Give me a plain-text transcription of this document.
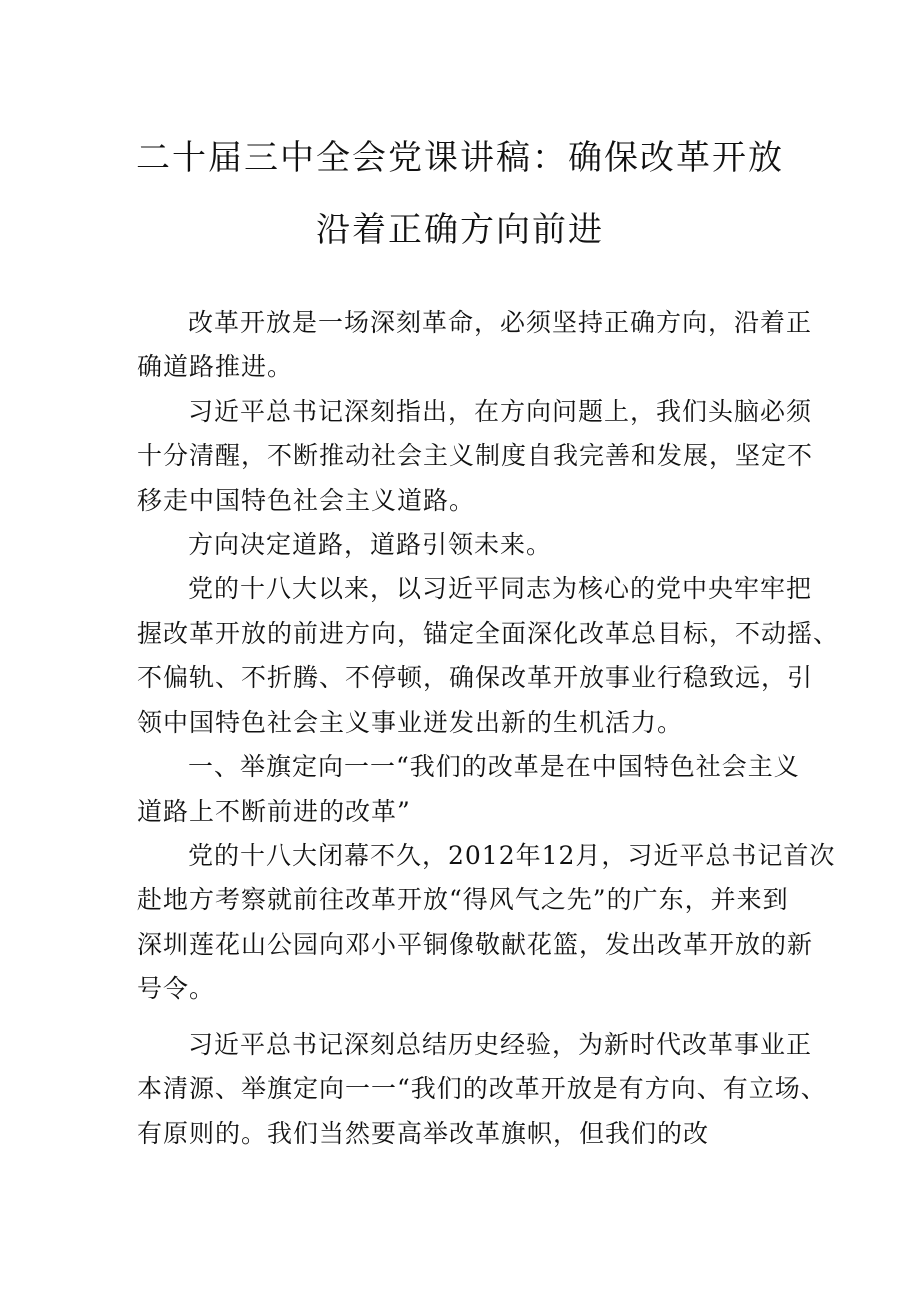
二十届三中全会党课讲稿：确保改革开放
沿着正确方向前进
改革开放是一场深刻革命，必须坚持正确方向，沿着正
确道路推进。
习近平总书记深刻指出，在方向问题上，我们头脑必须
十分清醒，不断推动社会主义制度自我完善和发展，坚定不
移走中国特色社会主义道路。
方向决定道路，道路引领未来。
党的十八大以来，以习近平同志为核心的党中央牢牢把
握改革开放的前进方向，锚定全面深化改革总目标，不动摇、
不偏轨、不折腾、不停顿，确保改革开放事业行稳致远，引
领中国特色社会主义事业迸发出新的生机活力。
一、举旗定向一一“我们的改革是在中国特色社会主义
道路上不断前进的改革”
党的十八大闭幕不久，2012年12月，习近平总书记首次
赴地方考察就前往改革开放“得风气之先”的广东，并来到
深圳莲花山公园向邓小平铜像敬献花篮，发出改革开放的新
号令。
习近平总书记深刻总结历史经验，为新时代改革事业正
本清源、举旗定向一一“我们的改革开放是有方向、有立场、
有原则的。我们当然要高举改革旗帜，但我们的改
